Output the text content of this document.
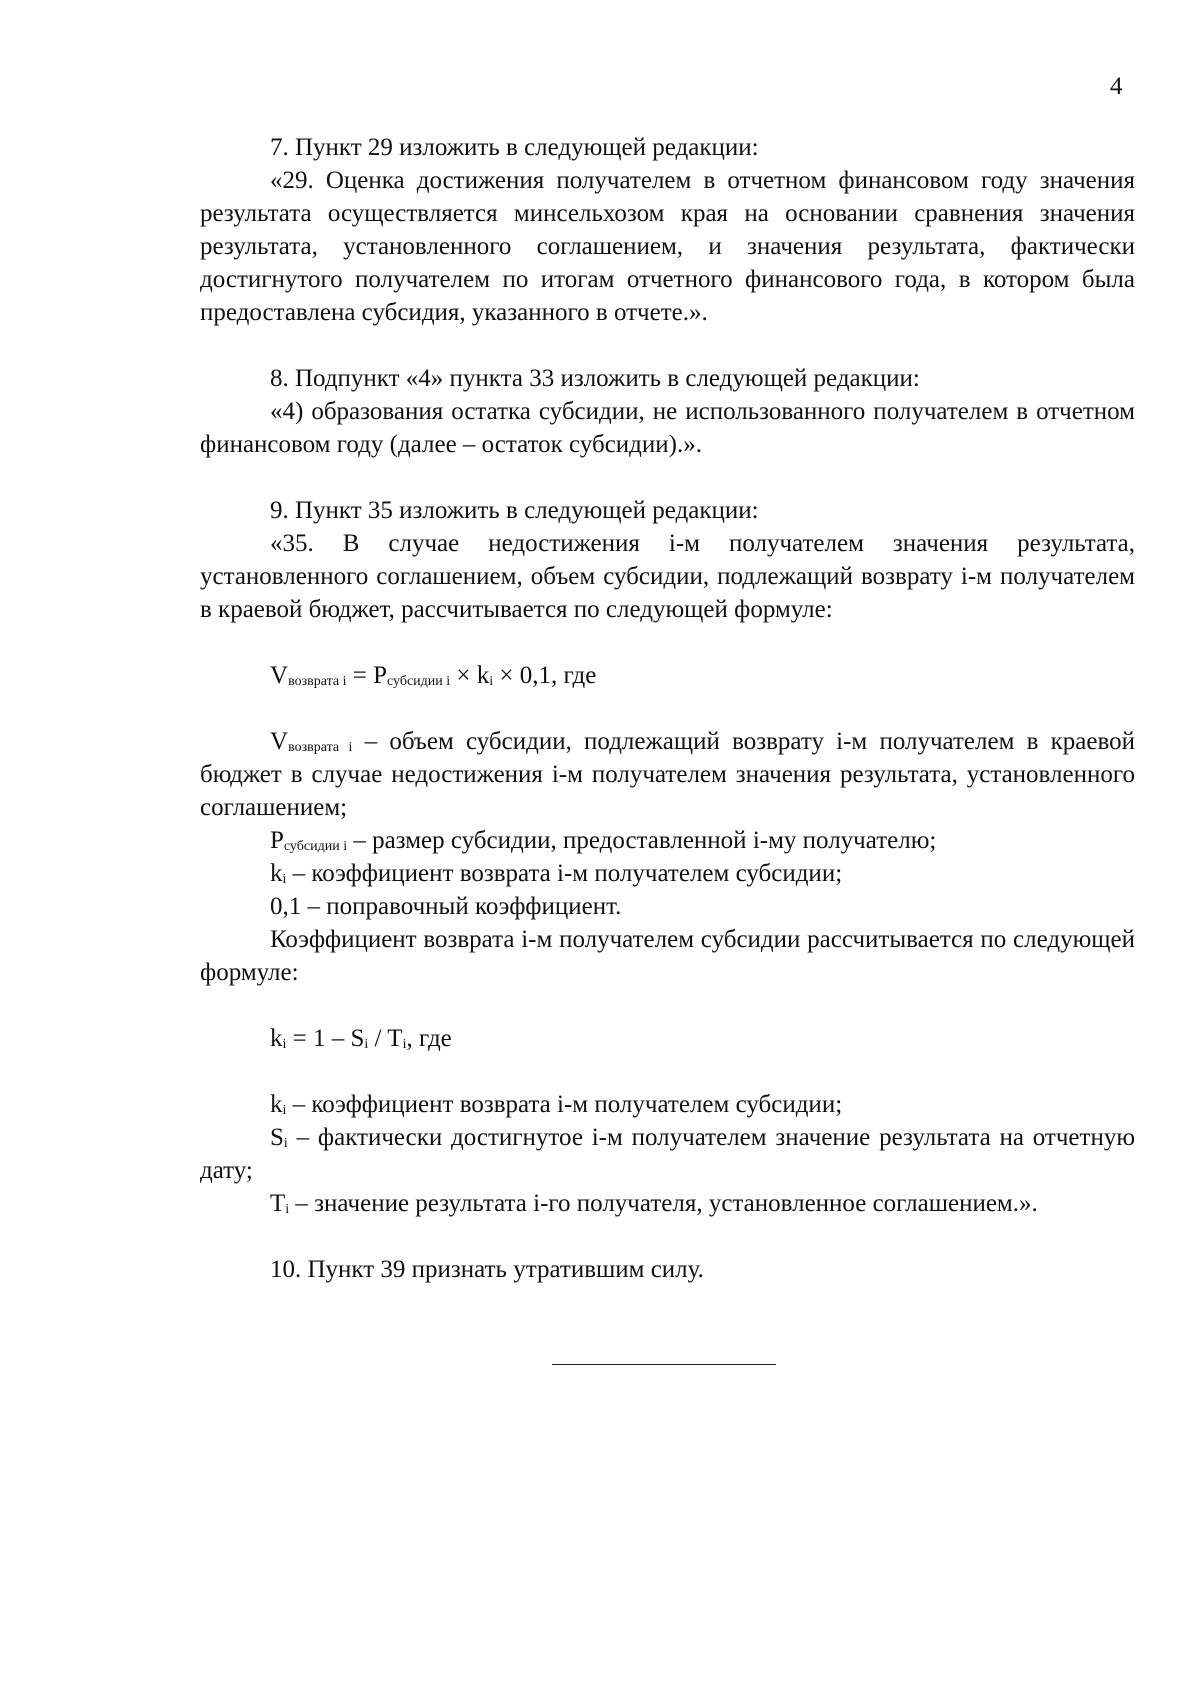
4

7. Пункт 29 изложить в следующей редакции:

«29. Оценка достижения получателем в отчетном финансовом году значения результата осуществляется минсельхозом края на основании сравнения значения результата, установленного соглашением, и значения результата, фактически достигнутого получателем по итогам отчетного финансового года, в котором была предоставлена субсидия, указанного в отчете.».

8. Подпункт «4» пункта 33 изложить в следующей редакции:

«4) образования остатка субсидии, не использованного получателем в отчетном финансовом году (далее – остаток субсидии).».

9. Пункт 35 изложить в следующей редакции:

«35. В случае недостижения i-м получателем значения результата, установленного соглашением, объем субсидии, подлежащий возврату i-м получателем в краевой бюджет, рассчитывается по следующей формуле:

$V_{возврата i} = P_{субсидии i} \times k_i \times 0,1$, где

$V_{возврата i}$ – объем субсидии, подлежащий возврату i-м получателем в краевой бюджет в случае недостижения i-м получателем значения результата, установленного соглашением;

$P_{субсидии i}$ – размер субсидии, предоставленной i-му получателю;

$k_i$ – коэффициент возврата i-м получателем субсидии;

0,1 – поправочный коэффициент.

Коэффициент возврата i-м получателем субсидии рассчитывается по следующей формуле:

$k_i = 1 - S_i / T_i$, где

$k_i$ – коэффициент возврата i-м получателем субсидии;

$S_i$ – фактически достигнутое i-м получателем значение результата на отчетную дату;

$T_i$ – значение результата i-го получателя, установленное соглашением.».

10. Пункт 39 признать утратившим силу.
